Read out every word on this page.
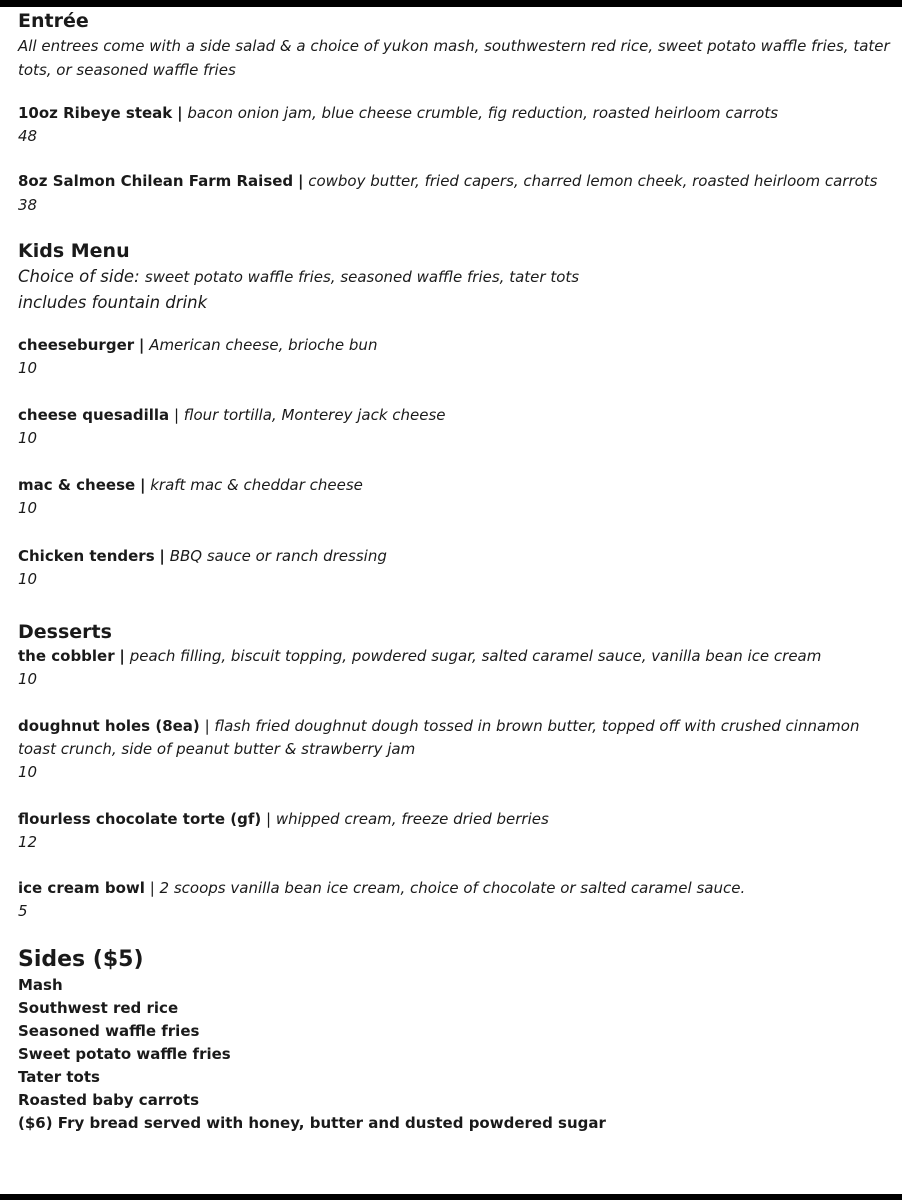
Entrée

All entrees come with a side salad & a choice of yukon mash, southwestern red rice, sweet potato waffle fries, tater tots, or seasoned waffle fries

10oz Ribeye steak | bacon onion jam, blue cheese crumble, fig reduction, roasted heirloom carrots
48
8oz Salmon Chilean Farm Raised | cowboy butter, fried capers, charred lemon cheek, roasted heirloom carrots
38
Kids Menu

Choice of side: sweet potato waffle fries, seasoned waffle fries, tater tots

includes fountain drink

cheeseburger | American cheese, brioche bun
10
cheese quesadilla | flour tortilla, Monterey jack cheese
10
mac & cheese | kraft mac & cheddar cheese
10
Chicken tenders | BBQ sauce or ranch dressing
10
Desserts
the cobbler | peach filling, biscuit topping, powdered sugar, salted caramel sauce, vanilla bean ice cream
10
doughnut holes (8ea) | flash fried doughnut dough tossed in brown butter, topped off with crushed cinnamon toast crunch, side of peanut butter & strawberry jam
10
flourless chocolate torte (gf) | whipped cream, freeze dried berries
12
ice cream bowl | 2 scoops vanilla bean ice cream, choice of chocolate or salted caramel sauce.
5
Sides ($5)
Mash
Southwest red rice
Seasoned waffle fries
Sweet potato waffle fries
Tater tots
Roasted baby carrots
($6) Fry bread served with honey, butter and dusted powdered sugar
